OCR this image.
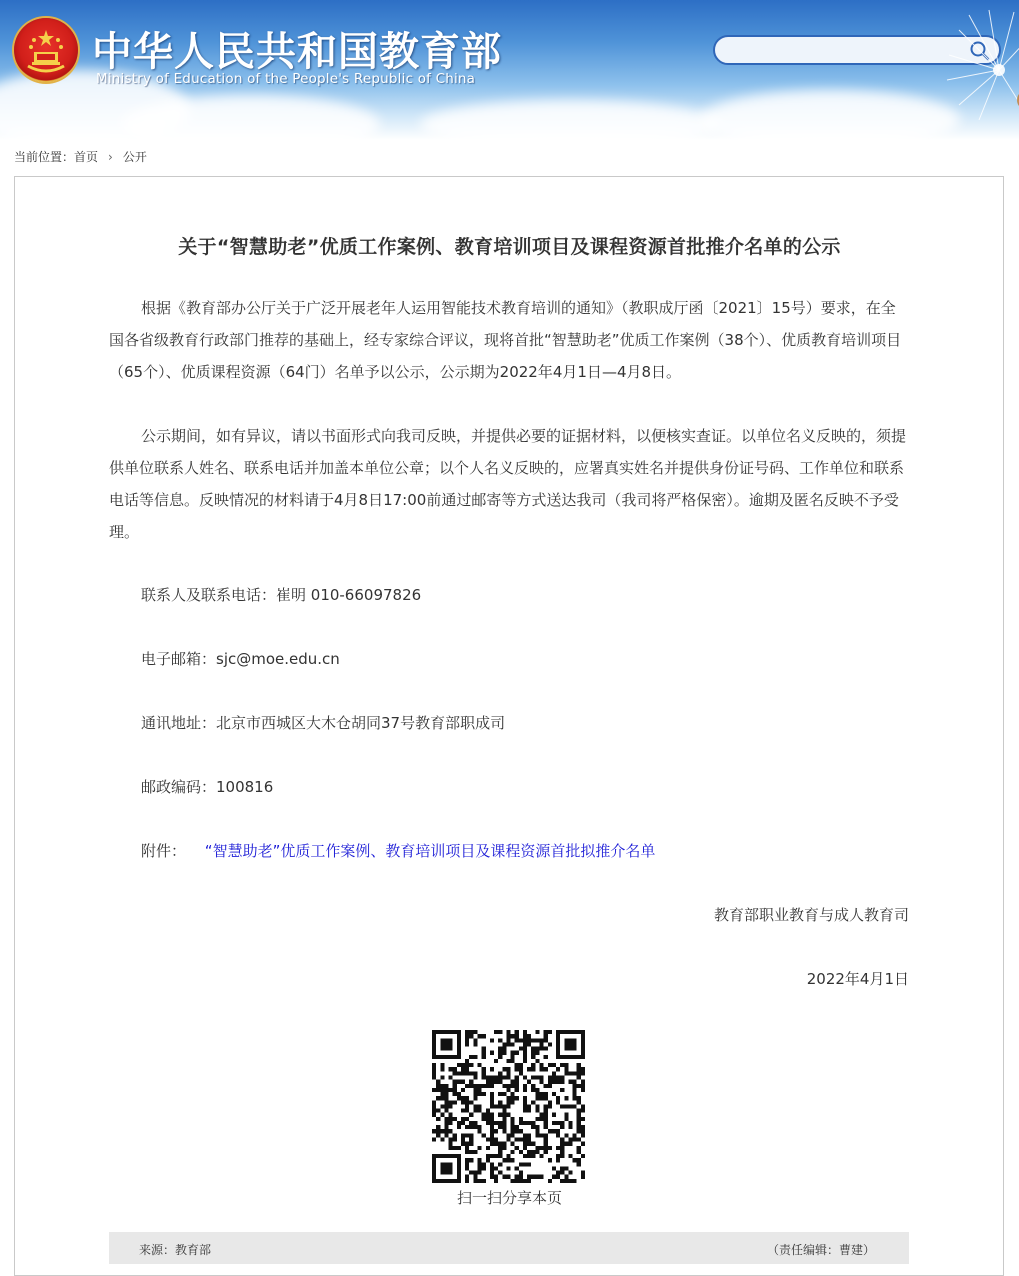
中华人民共和国教育部
Ministry of Education of the People's Republic of China
当前位置：首页 › 公开
关于“智慧助老”优质工作案例、教育培训项目及课程资源首批推介名单的公示

根据《教育部办公厅关于广泛开展老年人运用智能技术教育培训的通知》（教职成厅函〔2021〕15号）要求，在全国各省级教育行政部门推荐的基础上，经专家综合评议，现将首批“智慧助老”优质工作案例（38个）、优质教育培训项目（65个）、优质课程资源（64门）名单予以公示，公示期为2022年4月1日—4月8日。

公示期间，如有异议，请以书面形式向我司反映，并提供必要的证据材料，以便核实查证。以单位名义反映的，须提供单位联系人姓名、联系电话并加盖本单位公章；以个人名义反映的，应署真实姓名并提供身份证号码、工作单位和联系电话等信息。反映情况的材料请于4月8日17:00前通过邮寄等方式送达我司（我司将严格保密）。逾期及匿名反映不予受理。

联系人及联系电话：崔明 010-66097826
电子邮箱：sjc@moe.edu.cn
通讯地址：北京市西城区大木仓胡同37号教育部职成司
邮政编码：100816
附件： “智慧助老”优质工作案例、教育培训项目及课程资源首批拟推介名单
教育部职业教育与成人教育司
2022年4月1日
扫一扫分享本页
来源：教育部	（责任编辑：曹建）
